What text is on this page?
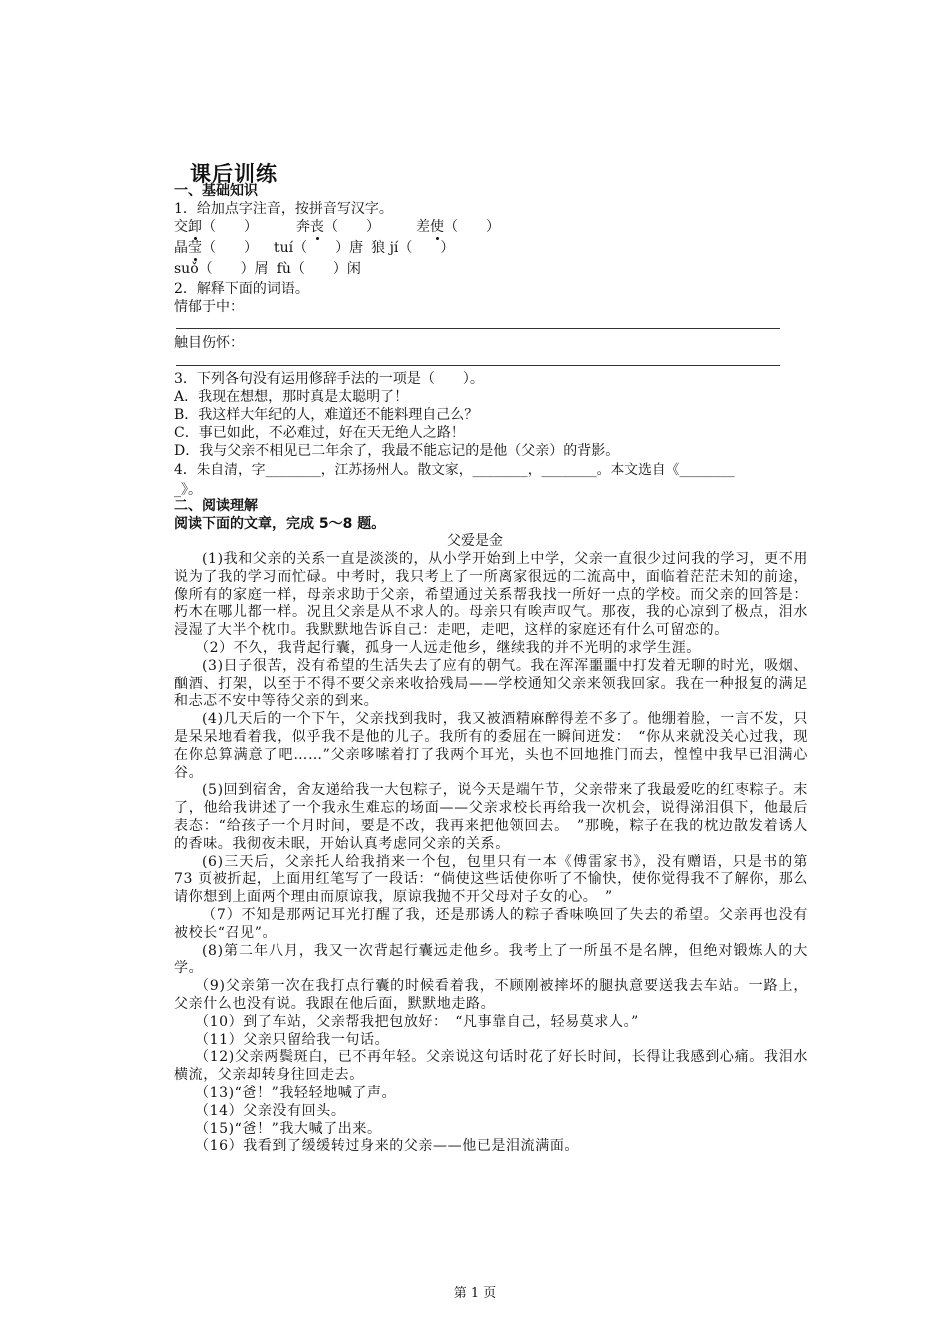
课后训练
一、基础知识
1．给加点字注音，按拼音写汉字。
交卸（　　）	奔丧（　　）	差使（　　）
晶莹（　　） tuí（　　）唐 狼 jí（　　）
suǒ（　　）屑 fù（　　）闲
2．解释下面的词语。
情郁于中：
触目伤怀：
3．下列各句没有运用修辞手法的一项是（　　）。
A．我现在想想，那时真是太聪明了！
B．我这样大年纪的人，难道还不能料理自己么？
C．事已如此，不必难过，好在天无绝人之路！
D．我与父亲不相见已二年余了，我最不能忘记的是他（父亲）的背影。
4．朱自清，字________，江苏扬州人。散文家，________，________。本文选自《________
_》。
二、阅读理解
阅读下面的文章，完成 5～8 题。
父爱是金

(1)我和父亲的关系一直是淡淡的，从小学开始到上中学，父亲一直很少过问我的学习，更不用说为了我的学习而忙碌。中考时，我只考上了一所离家很远的二流高中，面临着茫茫未知的前途，像所有的家庭一样，母亲求助于父亲，希望通过关系帮我找一所好一点的学校。而父亲的回答是：朽木在哪儿都一样。况且父亲是从不求人的。母亲只有唉声叹气。那夜，我的心凉到了极点，泪水浸湿了大半个枕巾。我默默地告诉自己：走吧，走吧，这样的家庭还有什么可留恋的。

（2）不久，我背起行囊，孤身一人远走他乡，继续我的并不光明的求学生涯。

(3)日子很苦，没有希望的生活失去了应有的朝气。我在浑浑噩噩中打发着无聊的时光，吸烟、酗酒、打架，以至于不得不要父亲来收拾残局——学校通知父亲来领我回家。我在一种报复的满足和忐忑不安中等待父亲的到来。

(4)几天后的一个下午，父亲找到我时，我又被酒精麻醉得差不多了。他绷着脸，一言不发，只是呆呆地看着我，似乎我不是他的儿子。我所有的委屈在一瞬间迸发：　“你从来就没关心过我，现在你总算满意了吧……”父亲哆嗦着打了我两个耳光，头也不回地推门而去，惶惶中我早已泪满心谷。

(5)回到宿舍，舍友递给我一大包粽子，说今天是端午节，父亲带来了我最爱吃的红枣粽子。末了，他给我讲述了一个我永生难忘的场面——父亲求校长再给我一次机会，说得涕泪俱下，他最后表态：“给孩子一个月时间，要是不改，我再来把他领回去。　”那晚，粽子在我的枕边散发着诱人的香味。我彻夜未眠，开始认真考虑同父亲的关系。

(6)三天后，父亲托人给我捎来一个包，包里只有一本《傅雷家书》，没有赠语，只是书的第 73 页被折起，上面用红笔写了一段话：“倘使这些话使你听了不愉快，使你觉得我不了解你，那么请你想到上面两个理由而原谅我，原谅我抛不开父母对子女的心。　”

（7）不知是那两记耳光打醒了我，还是那诱人的粽子香味唤回了失去的希望。父亲再也没有被校长“召见”。

(8)第二年八月，我又一次背起行囊远走他乡。我考上了一所虽不是名牌，但绝对锻炼人的大学。

（9)父亲第一次在我打点行囊的时候看着我，不顾刚被摔坏的腿执意要送我去车站。一路上，父亲什么也没有说。我跟在他后面，默默地走路。

（10）到了车站，父亲帮我把包放好：　“凡事靠自己，轻易莫求人。”

（11）父亲只留给我一句话。

（12)父亲两鬓斑白，已不再年轻。父亲说这句话时花了好长时间，长得让我感到心痛。我泪水横流，父亲却转身往回走去。

（13)“爸！”我轻轻地喊了声。

（14）父亲没有回头。

（15)“爸！”我大喊了出来。

（16）我看到了缓缓转过身来的父亲——他已是泪流满面。

第 1 页
